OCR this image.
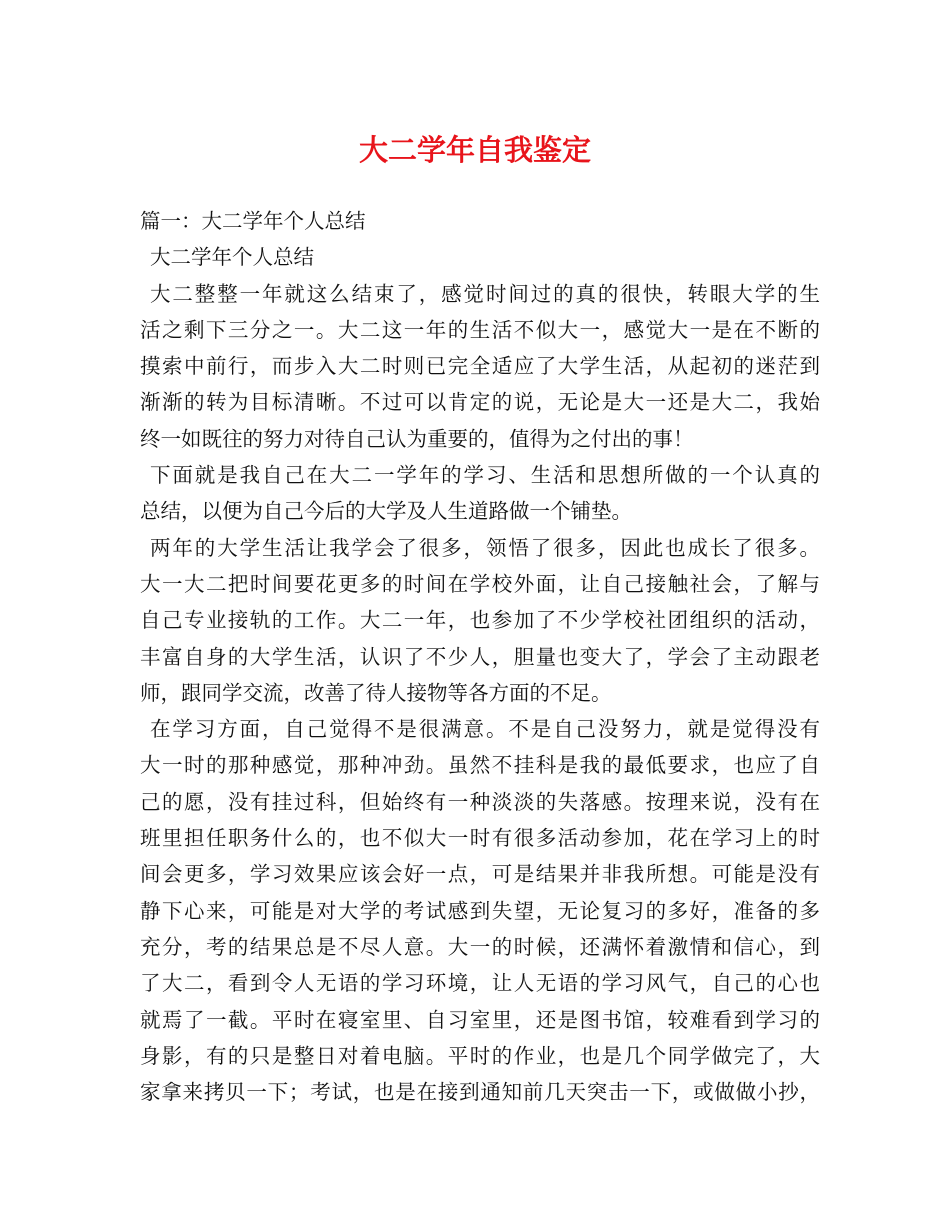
大二学年自我鉴定
篇一：大二学年个人总结
大二学年个人总结
大二整整一年就这么结束了，感觉时间过的真的很快，转眼大学的生
活之剩下三分之一。大二这一年的生活不似大一，感觉大一是在不断的
摸索中前行，而步入大二时则已完全适应了大学生活，从起初的迷茫到
渐渐的转为目标清晰。不过可以肯定的说，无论是大一还是大二，我始
终一如既往的努力对待自己认为重要的，值得为之付出的事！
下面就是我自己在大二一学年的学习、生活和思想所做的一个认真的
总结，以便为自己今后的大学及人生道路做一个铺垫。
两年的大学生活让我学会了很多，领悟了很多，因此也成长了很多。
大一大二把时间要花更多的时间在学校外面，让自己接触社会，了解与
自己专业接轨的工作。大二一年，也参加了不少学校社团组织的活动，
丰富自身的大学生活，认识了不少人，胆量也变大了，学会了主动跟老
师，跟同学交流，改善了待人接物等各方面的不足。
在学习方面，自己觉得不是很满意。不是自己没努力，就是觉得没有
大一时的那种感觉，那种冲劲。虽然不挂科是我的最低要求，也应了自
己的愿，没有挂过科，但始终有一种淡淡的失落感。按理来说，没有在
班里担任职务什么的，也不似大一时有很多活动参加，花在学习上的时
间会更多，学习效果应该会好一点，可是结果并非我所想。可能是没有
静下心来，可能是对大学的考试感到失望，无论复习的多好，准备的多
充分，考的结果总是不尽人意。大一的时候，还满怀着激情和信心，到
了大二，看到令人无语的学习环境，让人无语的学习风气，自己的心也
就焉了一截。平时在寝室里、自习室里，还是图书馆，较难看到学习的
身影，有的只是整日对着电脑。平时的作业，也是几个同学做完了，大
家拿来拷贝一下；考试，也是在接到通知前几天突击一下，或做做小抄，
